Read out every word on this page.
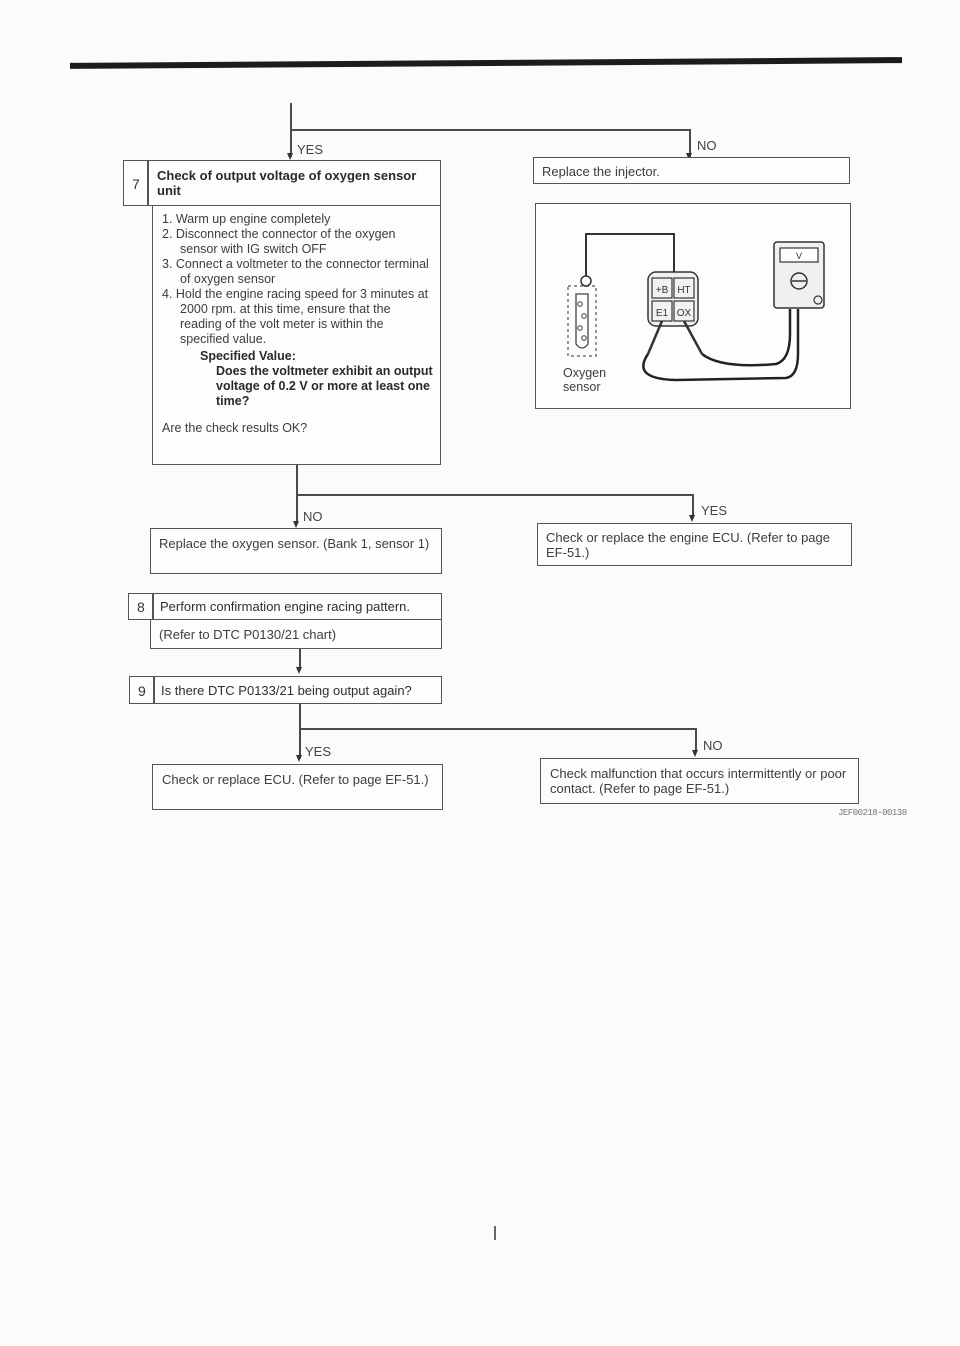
YES	NO
7
Check of output voltage of oxygen sensor unit
1. Warm up engine completely
2. Disconnect the connector of the oxygen sensor with IG switch OFF
3. Connect a voltmeter to the connector terminal of oxygen sensor
4. Hold the engine racing speed for 3 minutes at 2000 rpm. at this time, ensure that the reading of the volt meter is within the specified value.
Specified Value:
Does the voltmeter exhibit an output voltage of 0.2 V or more at least one time?
Are the check results OK?
Replace the injector.
+B HT
E1 OX
V
Oxygen sensor
NO	YES
Replace the oxygen sensor. (Bank 1, sensor 1)	Check or replace the engine ECU. (Refer to page EF-51.)
8 Perform confirmation engine racing pattern.
(Refer to DTC P0130/21 chart)
9 Is there DTC P0133/21 being output again?
YES	NO
Check or replace ECU. (Refer to page EF-51.)	Check malfunction that occurs intermittently or poor contact. (Refer to page EF-51.)
JEF00218-00138
